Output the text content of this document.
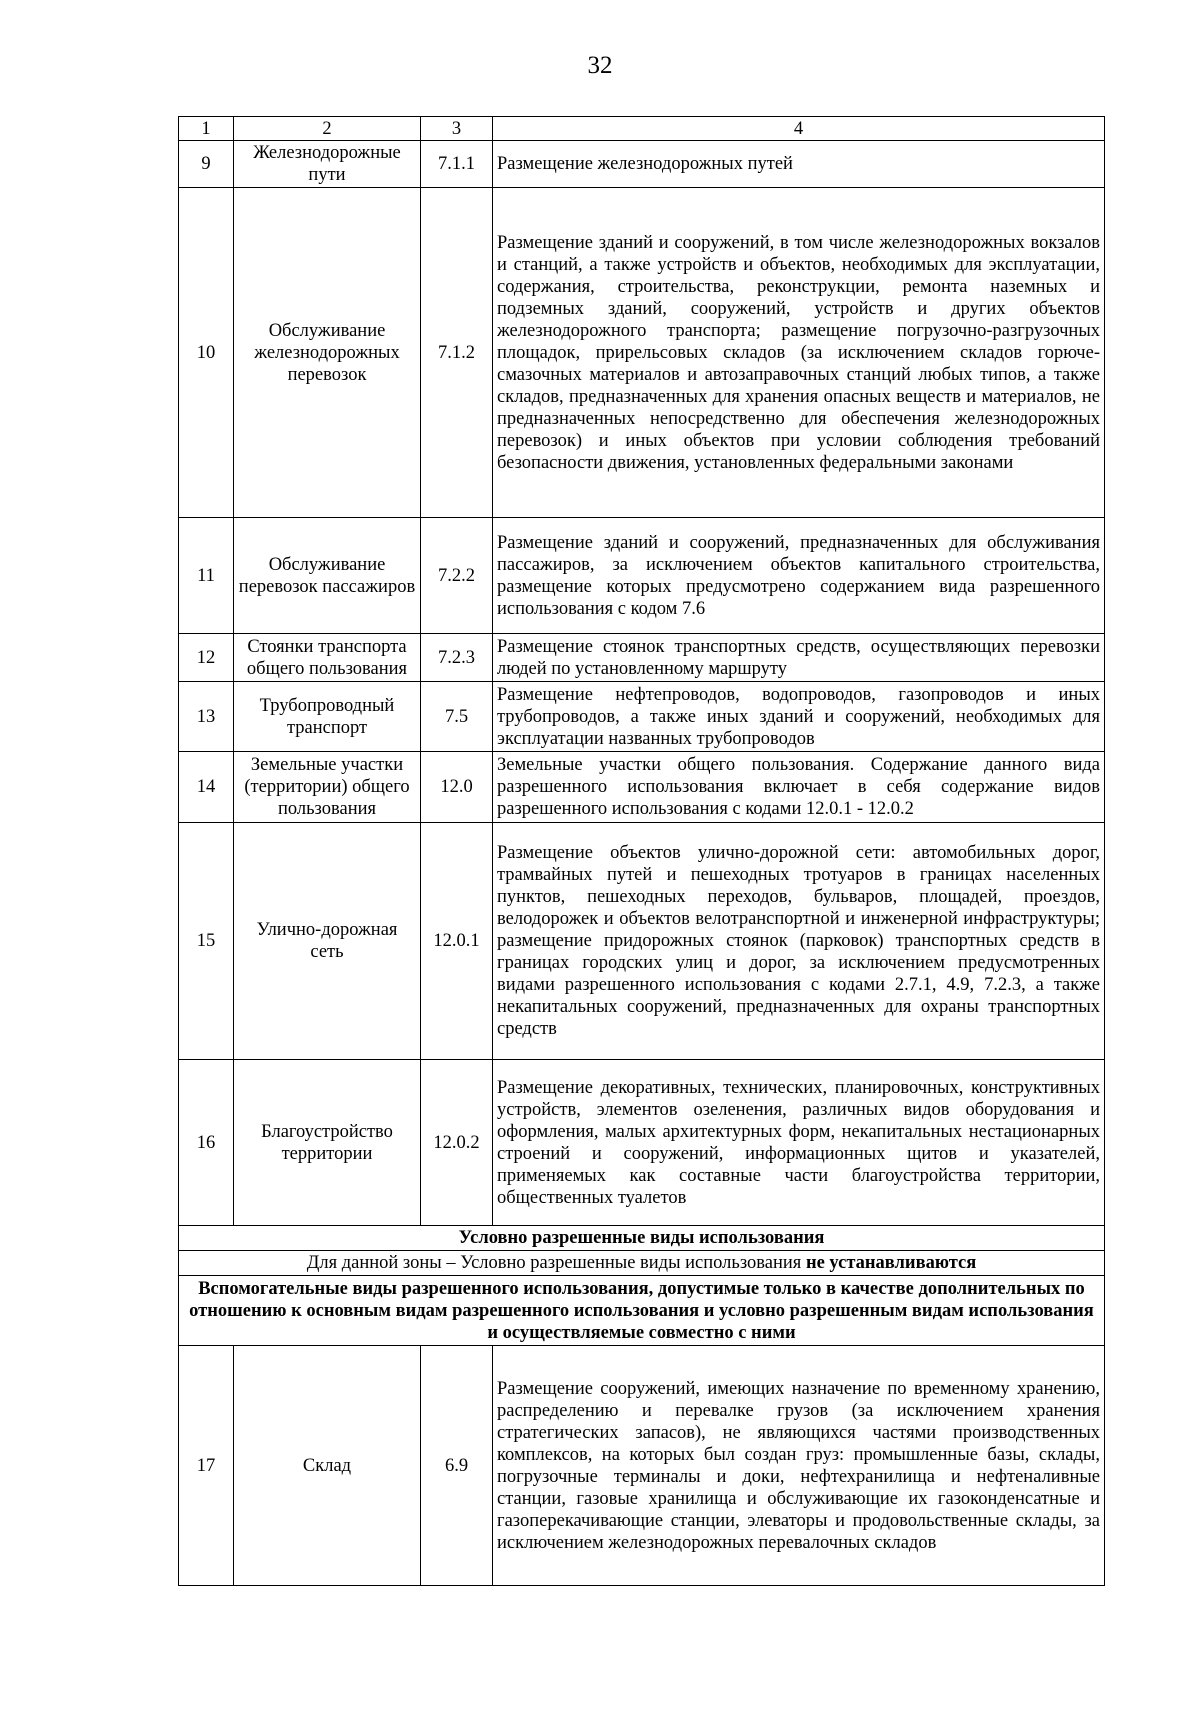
32
1	2	3	4
9	Железнодорожные пути	7.1.1	Размещение железнодорожных путей
10	Обслуживание железнодорожных перевозок	7.1.2	Размещение зданий и сооружений, в том числе железнодорожных вокзалов и станций, а также устройств и объектов, необходимых для эксплуатации, содержания, строительства, реконструкции, ремонта наземных и подземных зданий, сооружений, устройств и других объектов железнодорожного транспорта; размещение погрузочно-разгрузочных площадок, прирельсовых складов (за исключением складов горюче-смазочных материалов и автозаправочных станций любых типов, а также складов, предназначенных для хранения опасных веществ и материалов, не предназначенных непосредственно для обеспечения железнодорожных перевозок) и иных объектов при условии соблюдения требований безопасности движения, установленных федеральными законами
11	Обслуживание перевозок пассажиров	7.2.2	Размещение зданий и сооружений, предназначенных для обслуживания пассажиров, за исключением объектов капитального строительства, размещение которых предусмотрено содержанием вида разрешенного использования с кодом 7.6
12	Стоянки транспорта общего пользования	7.2.3	Размещение стоянок транспортных средств, осуществляющих перевозки людей по установленному маршруту
13	Трубопроводный транспорт	7.5	Размещение нефтепроводов, водопроводов, газопроводов и иных трубопроводов, а также иных зданий и сооружений, необходимых для эксплуатации названных трубопроводов
14	Земельные участки (территории) общего пользования	12.0	Земельные участки общего пользования. Содержание данного вида разрешенного использования включает в себя содержание видов разрешенного использования с кодами 12.0.1 - 12.0.2
15	Улично-дорожная сеть	12.0.1	Размещение объектов улично-дорожной сети: автомобильных дорог, трамвайных путей и пешеходных тротуаров в границах населенных пунктов, пешеходных переходов, бульваров, площадей, проездов, велодорожек и объектов велотранспортной и инженерной инфраструктуры; размещение придорожных стоянок (парковок) транспортных средств в границах городских улиц и дорог, за исключением предусмотренных видами разрешенного использования с кодами 2.7.1, 4.9, 7.2.3, а также некапитальных сооружений, предназначенных для охраны транспортных средств
16	Благоустройство территории	12.0.2	Размещение декоративных, технических, планировочных, конструктивных устройств, элементов озеленения, различных видов оборудования и оформления, малых архитектурных форм, некапитальных нестационарных строений и сооружений, информационных щитов и указателей, применяемых как составные части благоустройства территории, общественных туалетов
Условно разрешенные виды использования			
Для данной зоны – Условно разрешенные виды использования не устанавливаются			
Вспомогательные виды разрешенного использования, допустимые только в качестве дополнительных по отношению к основным видам разрешенного использования и условно разрешенным видам использования и осуществляемые совместно с ними			
17	Склад	6.9	Размещение сооружений, имеющих назначение по временному хранению, распределению и перевалке грузов (за исключением хранения стратегических запасов), не являющихся частями производственных комплексов, на которых был создан груз: промышленные базы, склады, погрузочные терминалы и доки, нефтехранилища и нефтеналивные станции, газовые хранилища и обслуживающие их газоконденсатные и газоперекачивающие станции, элеваторы и продовольственные склады, за исключением железнодорожных перевалочных складов
